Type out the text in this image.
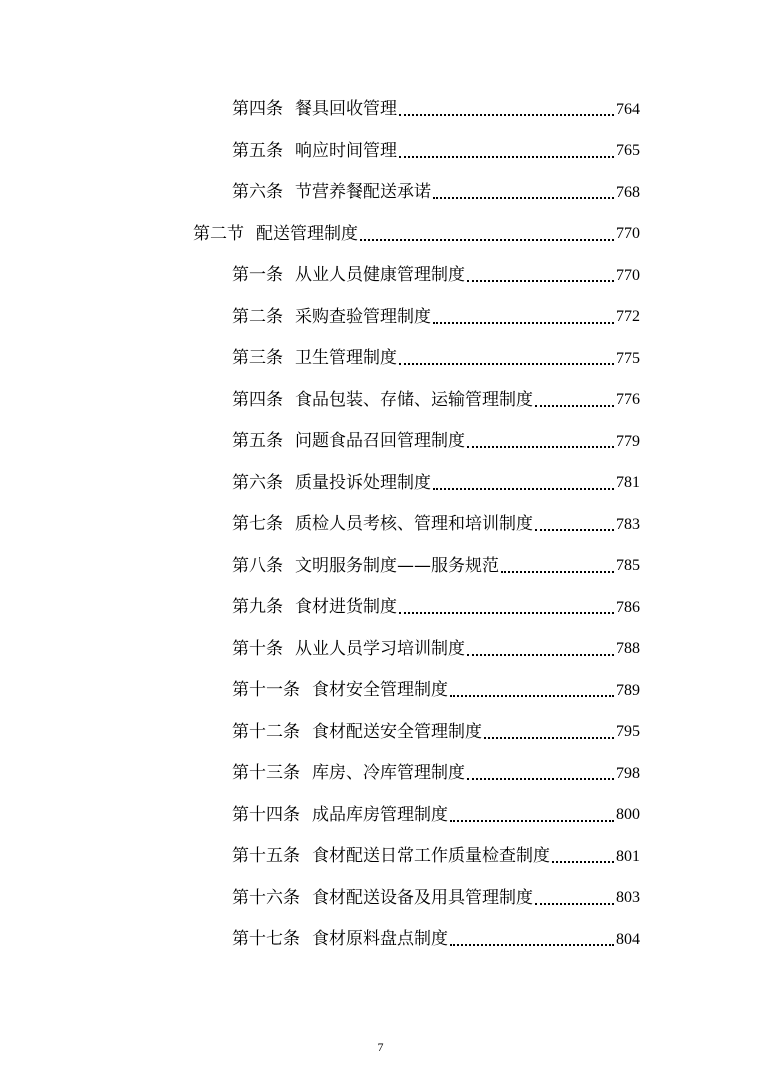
第四条 餐具回收管理	764
第五条 响应时间管理	765
第六条 节营养餐配送承诺	768
第二节 配送管理制度	770
第一条 从业人员健康管理制度	770
第二条 采购查验管理制度	772
第三条 卫生管理制度	775
第四条 食品包装、存储、运输管理制度	776
第五条 问题食品召回管理制度	779
第六条 质量投诉处理制度	781
第七条 质检人员考核、管理和培训制度	783
第八条 文明服务制度——服务规范	785
第九条 食材进货制度	786
第十条 从业人员学习培训制度	788
第十一条 食材安全管理制度	789
第十二条 食材配送安全管理制度	795
第十三条 库房、冷库管理制度	798
第十四条 成品库房管理制度	800
第十五条 食材配送日常工作质量检查制度	801
第十六条 食材配送设备及用具管理制度	803
第十七条 食材原料盘点制度	804
7
